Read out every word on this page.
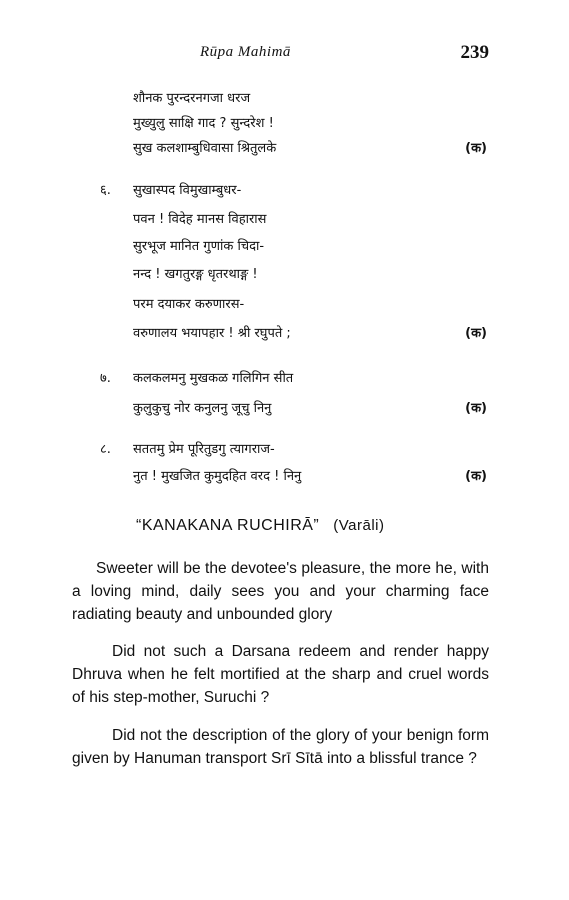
Rūpa Mahimā	239
शौनक पुरन्दरनगजा धरज
मुख्युलु साक्षि गाद ? सुन्दरेश !
सुख कलशाम्बुधिवासा श्रितुलके	(क)
६. सुखास्पद विमुखाम्बुधर-
पवन ! विदेह मानस विहारास
सुरभूज मानित गुणांक चिदा-
नन्द ! खगतुरङ्ग धृतरथाङ्ग !
परम दयाकर करुणारस-
वरुणालय भयापहार ! श्री रघुपते ;	(क)
७. कलकलमनु मुखकळ गलिगिन सीत
कुलुकुचु नोर कनुलनु जूचु निनु	(क)
८. सततमु प्रेम पूरितुडगु त्यागराज-
नुत ! मुखजित कुमुदहित वरद ! निनु	(क)
“KANAKANA RUCHIRĀ” (Varāli)

Sweeter will be the devotee's pleasure, the more he, with a loving mind, daily sees you and your charming face radiating beauty and unbounded glory

Did not such a Darsana redeem and render happy Dhruva when he felt mortified at the sharp and cruel words of his step-mother, Suruchi ?

Did not the description of the glory of your benign form given by Hanuman transport Srī Sītā into a blissful trance ?
